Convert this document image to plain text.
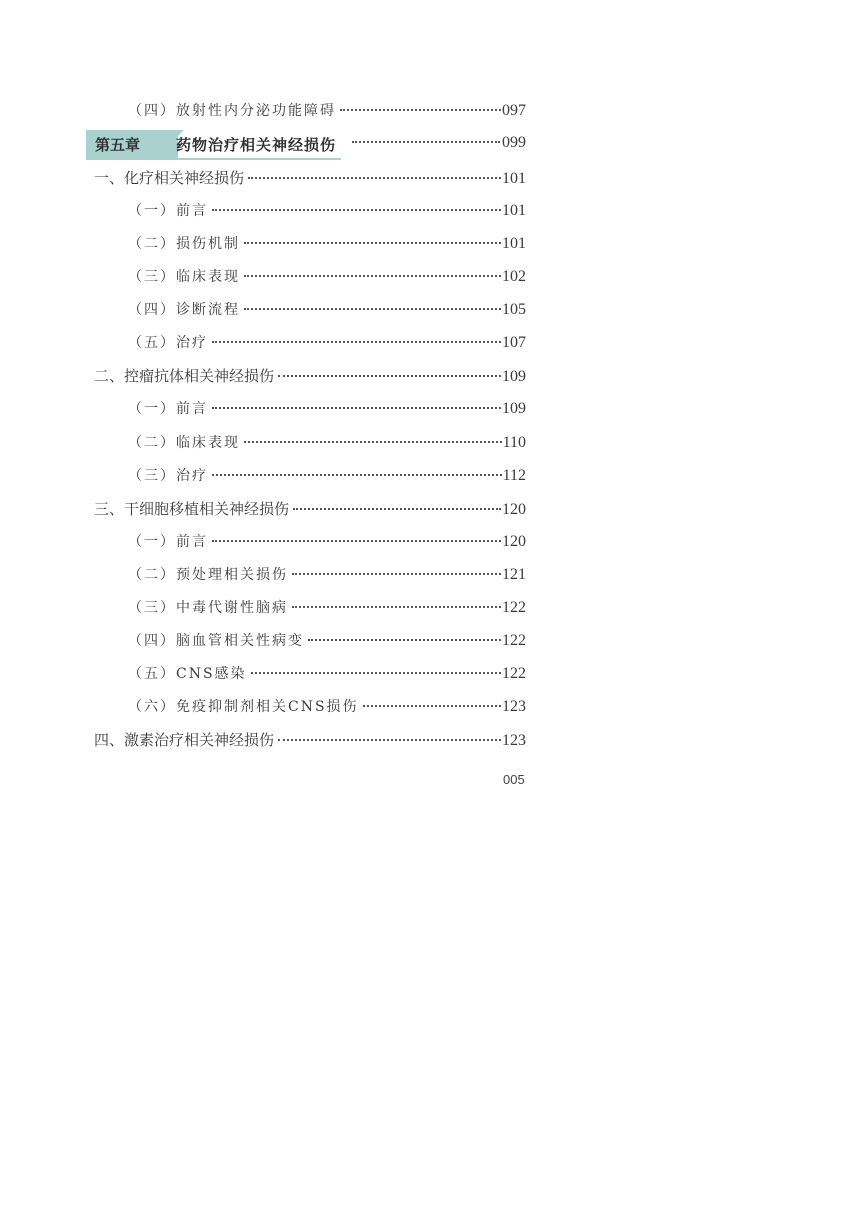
（四）放射性内分泌功能障碍	097
第五章 药物治疗相关神经损伤	099
一、化疗相关神经损伤	101
（一）前言	101
（二）损伤机制	101
（三）临床表现	102
（四）诊断流程	105
（五）治疗	107
二、控瘤抗体相关神经损伤	109
（一）前言	109
（二）临床表现	110
（三）治疗	112
三、干细胞移植相关神经损伤	120
（一）前言	120
（二）预处理相关损伤	121
（三）中毒代谢性脑病	122
（四）脑血管相关性病变	122
（五）CNS感染	122
（六）免疫抑制剂相关CNS损伤	123
四、激素治疗相关神经损伤	123
005
